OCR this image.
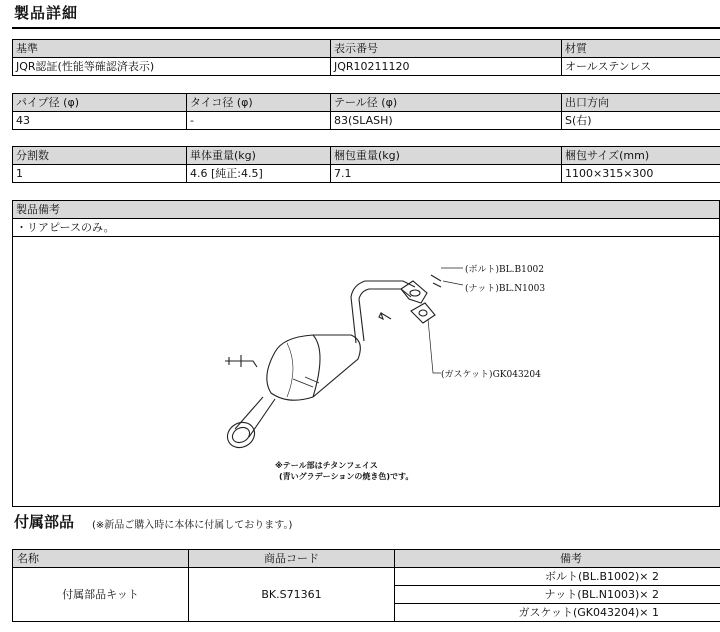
製品詳細
基準	表示番号	材質
JQR認証(性能等確認済表示)	JQR10211120	オールステンレス
パイプ径 (φ)	タイコ径 (φ)	テール径 (φ)	出口方向
43	-	83(SLASH)	S(右)
分割数	単体重量(kg)	梱包重量(kg)	梱包サイズ(mm)
1	4.6 [純正:4.5]	7.1	1100×315×300
製品備考
・リアピースのみ。
(ボルト)BL.B1002
(ナット)BL.N1003
(ガスケット)GK043204
※テール部はチタンフェイス
(青いグラデーションの焼き色)です。
付属部品 (※新品ご購入時に本体に付属しております。)
名称	商品コード	備考
付属部品キット	BK.S71361	ボルト(BL.B1002)× 2
		ナット(BL.N1003)× 2
		ガスケット(GK043204)× 1
